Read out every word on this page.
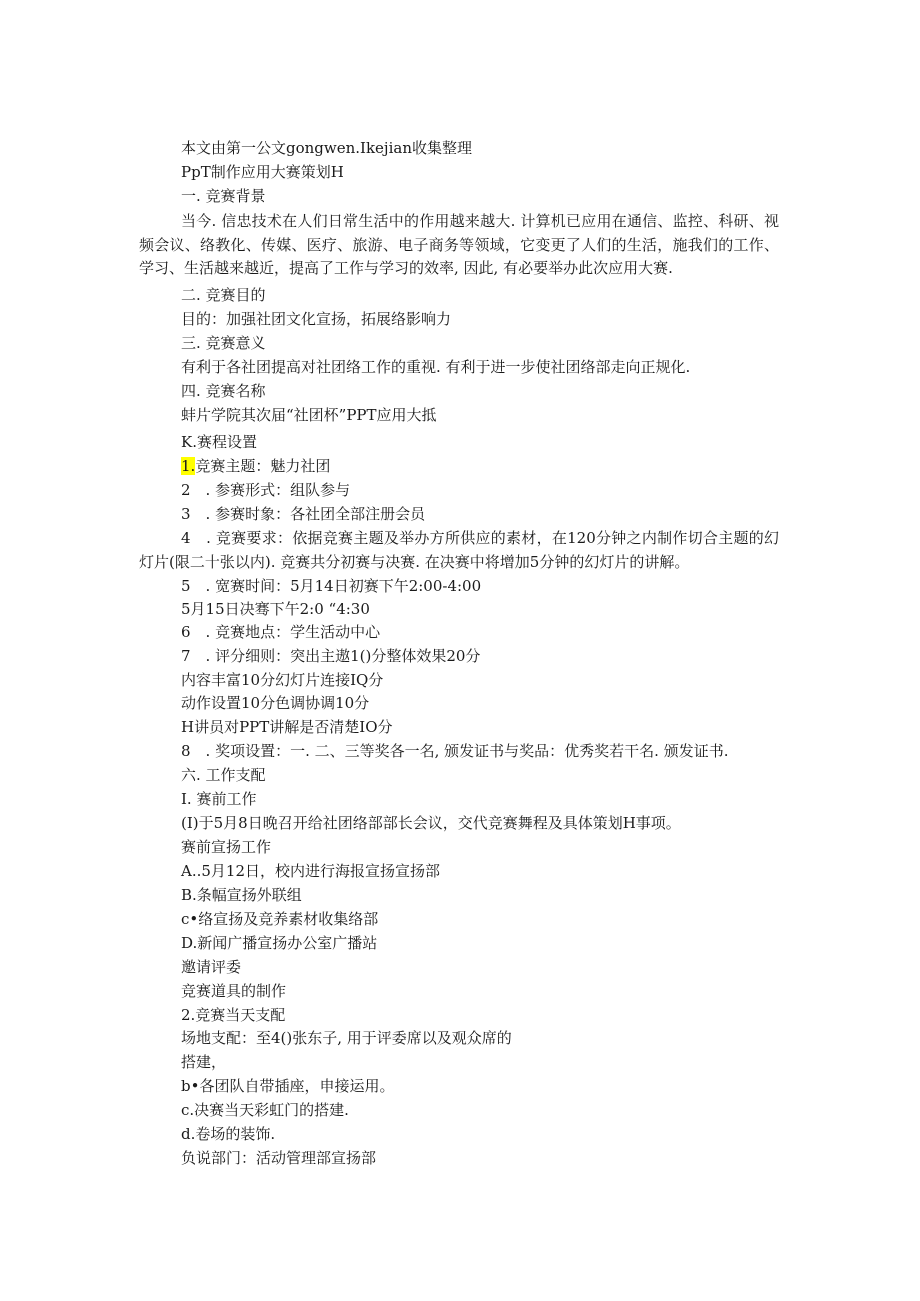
本文由第一公文gongwen.Ikejian收集整理
PpT制作应用大赛策划H
一. 竞赛背景
当今. 信忠技术在人们日常生活中的作用越来越大. 计算机已应用在通信、监控、科研、视频会议、络教化、传媒、医疗、旅游、电子商务等领域，它变更了人们的生活，施我们的工作、学习、生活越来越近，提高了工作与学习的效率, 因此, 有必要举办此次应用大赛.
二. 竞赛目的
目的：加强社团文化宣扬，拓展络影响力
三. 竞赛意义
有利于各社团提高对社团络工作的重视. 有利于进一步使社团络部走向正规化.
四. 竞赛名称
蚌片学院其次届“社团杯”PPT应用大抵
K.赛程设置
1.竞赛主题：魅力社团
2　. 参赛形式：组队参与
3　. 参赛时象：各社团全部注册会员
4　. 竞赛要求：依据竞赛主题及举办方所供应的素材，在120分钟之内制作切合主题的幻灯片(限二十张以内). 竞赛共分初赛与决赛. 在决赛中将增加5分钟的幻灯片的讲解。
5　. 宽赛时间：5月14日初赛下午2:00-4:00
5月15日决骞下午2:0 “4:30
6　. 竞赛地点：学生活动中心
7　. 评分细则：突出主遨1()分整体效果20分
内容丰富10分幻灯片连接IQ分
动作设置10分色调协调10分
H讲员对PPT讲解是否清楚IO分
8　. 奖项设置：一. 二、三等奖各一名, 颁发证书与奖品：优秀奖若干名. 颁发证书.
六. 工作支配
I. 赛前工作
(I)于5月8日晚召开给社团络部部长会议，交代竞赛舞程及具体策划H事项。
赛前宣扬工作
A..5月12日，校内进行海报宣扬宣扬部
B.条幅宣扬外联组
c•络宣扬及竞养素材收集络部
D.新闻广播宣扬办公室广播站
邀请评委
竞赛道具的制作
2.竞赛当天支配
场地支配：至4()张东子, 用于评委席以及观众席的
搭建，
b•各团队自带插座，申接运用。
c.决赛当天彩虹门的搭建.
d.卷场的装饰.
负说部门：活动管理部宣扬部
